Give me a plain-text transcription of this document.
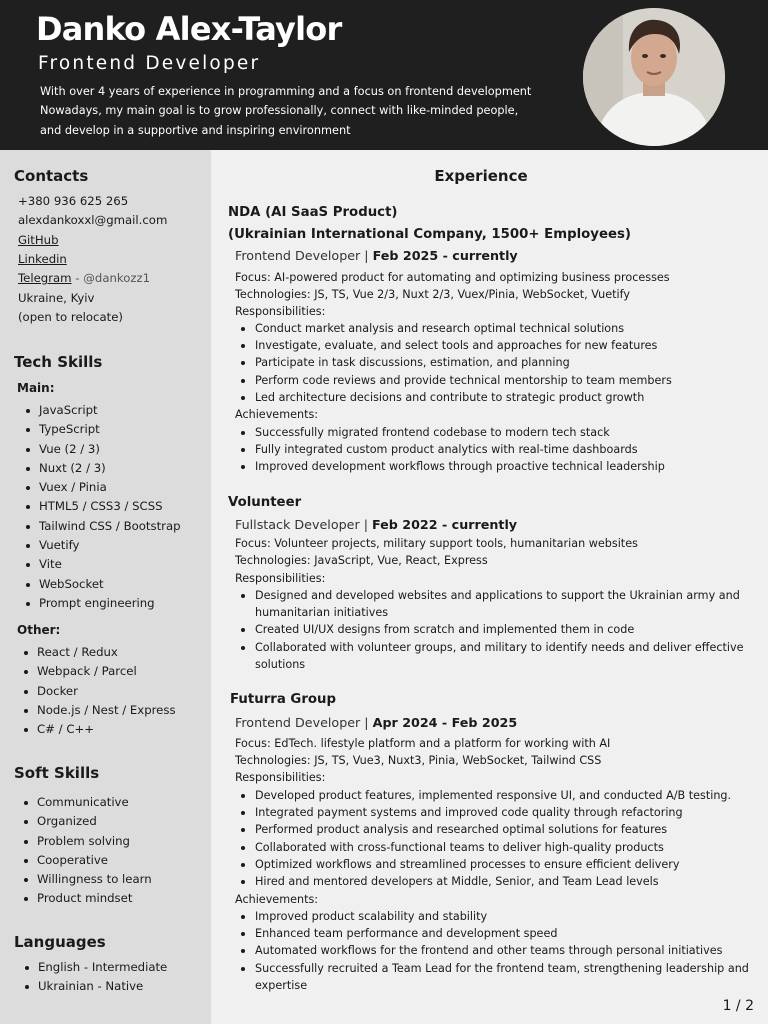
Danko Alex-Taylor
Frontend Developer
With over 4 years of experience in programming and a focus on frontend development
Nowadays, my main goal is to grow professionally, connect with like-minded people,
and develop in a supportive and inspiring environment
Contacts
+380 936 625 265
alexdankoxxl@gmail.com
GitHub
Linkedin
Telegram - @dankozz1
Ukraine, Kyiv
(open to relocate)
Tech Skills
Main:
JavaScript
TypeScript
Vue (2 / 3)
Nuxt (2 / 3)
Vuex / Pinia
HTML5 / CSS3 / SCSS
Tailwind CSS / Bootstrap
Vuetify
Vite
WebSocket
Prompt engineering
Other:
React / Redux
Webpack / Parcel
Docker
Node.js / Nest / Express
C# / C++
Soft Skills
Communicative
Organized
Problem solving
Cooperative
Willingness to learn
Product mindset
Languages
English - Intermediate
Ukrainian - Native
Experience
NDA (AI SaaS Product)
(Ukrainian International Company, 1500+ Employees)
Frontend Developer | Feb 2025 - currently
Focus: AI-powered product for automating and optimizing business processes
Technologies: JS, TS, Vue 2/3, Nuxt 2/3, Vuex/Pinia, WebSocket, Vuetify
Responsibilities:
Conduct market analysis and research optimal technical solutions
Investigate, evaluate, and select tools and approaches for new features
Participate in task discussions, estimation, and planning
Perform code reviews and provide technical mentorship to team members
Led architecture decisions and contribute to strategic product growth
Achievements:
Successfully migrated frontend codebase to modern tech stack
Fully integrated custom product analytics with real-time dashboards
Improved development workflows through proactive technical leadership
Volunteer
Fullstack Developer | Feb 2022 - currently
Focus: Volunteer projects, military support tools, humanitarian websites
Technologies: JavaScript, Vue, React, Express
Responsibilities:
Designed and developed websites and applications to support the Ukrainian army and humanitarian initiatives
Created UI/UX designs from scratch and implemented them in code
Collaborated with volunteer groups, and military to identify needs and deliver effective solutions
Futurra Group
Frontend Developer | Apr 2024 - Feb 2025
Focus: EdTech. lifestyle platform and a platform for working with AI
Technologies: JS, TS, Vue3, Nuxt3, Pinia, WebSocket, Tailwind CSS
Responsibilities:
Developed product features, implemented responsive UI, and conducted A/B testing.
Integrated payment systems and improved code quality through refactoring
Performed product analysis and researched optimal solutions for features
Collaborated with cross-functional teams to deliver high-quality products
Optimized workflows and streamlined processes to ensure efficient delivery
Hired and mentored developers at Middle, Senior, and Team Lead levels
Achievements:
Improved product scalability and stability
Enhanced team performance and development speed
Automated workflows for the frontend and other teams through personal initiatives
Successfully recruited a Team Lead for the frontend team, strengthening leadership and expertise
1 / 2
